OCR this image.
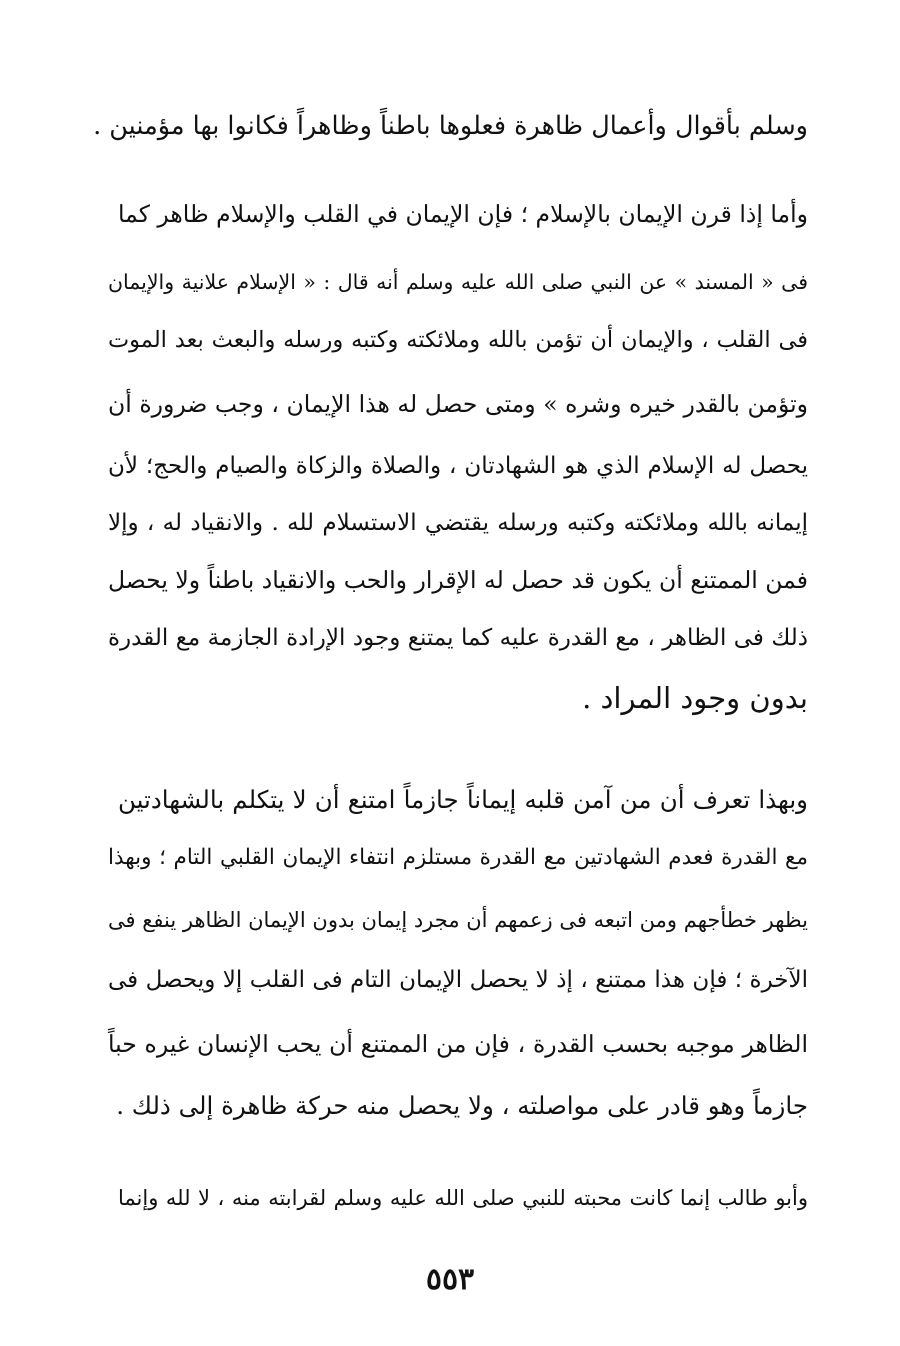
وسلم بأقوال وأعمال ظاهرة فعلوها باطناً وظاهراً فكانوا بها مؤمنين .
وأما إذا قرن الإيمان بالإسلام ؛ فإن الإيمان في القلب والإسلام ظاهر كما
فى « المسند » عن النبي صلى الله عليه وسلم أنه قال : « الإسلام علانية والإيمان
فى القلب ، والإيمان أن تؤمن بالله وملائكته وكتبه ورسله والبعث بعد الموت
وتؤمن بالقدر خيره وشره » ومتى حصل له هذا الإيمان ، وجب ضرورة أن
يحصل له الإسلام الذي هو الشهادتان ، والصلاة والزكاة والصيام والحج؛ لأن
إيمانه بالله وملائكته وكتبه ورسله يقتضي الاستسلام لله . والانقياد له ، وإلا
فمن الممتنع أن يكون قد حصل له الإقرار والحب والانقياد باطناً ولا يحصل
ذلك فى الظاهر ، مع القدرة عليه كما يمتنع وجود الإرادة الجازمة مع القدرة
بدون وجود المراد .
وبهذا تعرف أن من آمن قلبه إيماناً جازماً امتنع أن لا يتكلم بالشهادتين
مع القدرة فعدم الشهادتين مع القدرة مستلزم انتفاء الإيمان القلبي التام ؛ وبهذا
يظهر خطأجهم ومن اتبعه فى زعمهم أن مجرد إيمان بدون الإيمان الظاهر ينفع فى
الآخرة ؛ فإن هذا ممتنع ، إذ لا يحصل الإيمان التام فى القلب إلا ويحصل فى
الظاهر موجبه بحسب القدرة ، فإن من الممتنع أن يحب الإنسان غيره حباً
جازماً وهو قادر على مواصلته ، ولا يحصل منه حركة ظاهرة إلى ذلك .
وأبو طالب إنما كانت محبته للنبي صلى الله عليه وسلم لقرابته منه ، لا لله وإنما
٥٥٣
